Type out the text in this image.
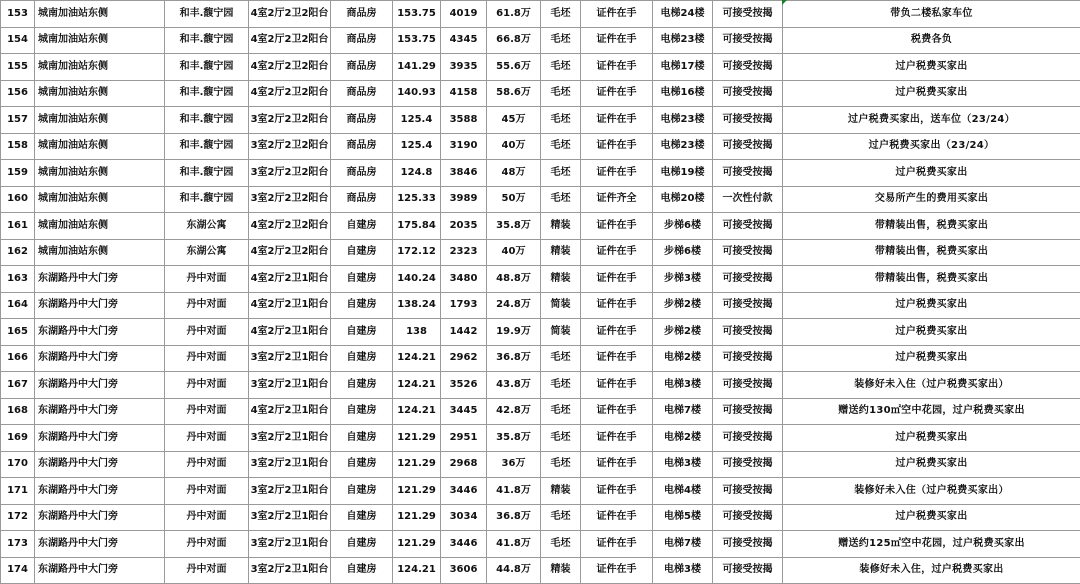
153	城南加油站东侧	和丰.馥宁园	4室2厅2卫2阳台	商品房	153.75	4019	61.8万	毛坯	证件在手	电梯24楼	可接受按揭	带负二楼私家车位
154	城南加油站东侧	和丰.馥宁园	4室2厅2卫2阳台	商品房	153.75	4345	66.8万	毛坯	证件在手	电梯23楼	可接受按揭	税费各负
155	城南加油站东侧	和丰.馥宁园	4室2厅2卫2阳台	商品房	141.29	3935	55.6万	毛坯	证件在手	电梯17楼	可接受按揭	过户税费买家出
156	城南加油站东侧	和丰.馥宁园	4室2厅2卫2阳台	商品房	140.93	4158	58.6万	毛坯	证件在手	电梯16楼	可接受按揭	过户税费买家出
157	城南加油站东侧	和丰.馥宁园	3室2厅2卫2阳台	商品房	125.4	3588	45万	毛坯	证件在手	电梯23楼	可接受按揭	过户税费买家出，送车位（23/24）
158	城南加油站东侧	和丰.馥宁园	3室2厅2卫2阳台	商品房	125.4	3190	40万	毛坯	证件在手	电梯23楼	可接受按揭	过户税费买家出（23/24）
159	城南加油站东侧	和丰.馥宁园	3室2厅2卫2阳台	商品房	124.8	3846	48万	毛坯	证件在手	电梯19楼	可接受按揭	过户税费买家出
160	城南加油站东侧	和丰.馥宁园	3室2厅2卫2阳台	商品房	125.33	3989	50万	毛坯	证件齐全	电梯20楼	一次性付款	交易所产生的费用买家出
161	城南加油站东侧	东湖公寓	4室2厅2卫2阳台	自建房	175.84	2035	35.8万	精装	证件在手	步梯6楼	可接受按揭	带精装出售，税费买家出
162	城南加油站东侧	东湖公寓	4室2厅2卫2阳台	自建房	172.12	2323	40万	精装	证件在手	步梯6楼	可接受按揭	带精装出售，税费买家出
163	东湖路丹中大门旁	丹中对面	4室2厅2卫1阳台	自建房	140.24	3480	48.8万	精装	证件在手	步梯3楼	可接受按揭	带精装出售，税费买家出
164	东湖路丹中大门旁	丹中对面	4室2厅2卫1阳台	自建房	138.24	1793	24.8万	简装	证件在手	步梯2楼	可接受按揭	过户税费买家出
165	东湖路丹中大门旁	丹中对面	4室2厅2卫1阳台	自建房	138	1442	19.9万	简装	证件在手	步梯2楼	可接受按揭	过户税费买家出
166	东湖路丹中大门旁	丹中对面	3室2厅2卫1阳台	自建房	124.21	2962	36.8万	毛坯	证件在手	电梯2楼	可接受按揭	过户税费买家出
167	东湖路丹中大门旁	丹中对面	3室2厅2卫1阳台	自建房	124.21	3526	43.8万	毛坯	证件在手	电梯3楼	可接受按揭	装修好未入住（过户税费买家出）
168	东湖路丹中大门旁	丹中对面	4室2厅2卫1阳台	自建房	124.21	3445	42.8万	毛坯	证件在手	电梯7楼	可接受按揭	赠送约130㎡空中花园，过户税费买家出
169	东湖路丹中大门旁	丹中对面	3室2厅2卫1阳台	自建房	121.29	2951	35.8万	毛坯	证件在手	电梯2楼	可接受按揭	过户税费买家出
170	东湖路丹中大门旁	丹中对面	3室2厅2卫1阳台	自建房	121.29	2968	36万	毛坯	证件在手	电梯3楼	可接受按揭	过户税费买家出
171	东湖路丹中大门旁	丹中对面	3室2厅2卫1阳台	自建房	121.29	3446	41.8万	精装	证件在手	电梯4楼	可接受按揭	装修好未入住（过户税费买家出）
172	东湖路丹中大门旁	丹中对面	3室2厅2卫1阳台	自建房	121.29	3034	36.8万	毛坯	证件在手	电梯5楼	可接受按揭	过户税费买家出
173	东湖路丹中大门旁	丹中对面	3室2厅2卫1阳台	自建房	121.29	3446	41.8万	毛坯	证件在手	电梯7楼	可接受按揭	赠送约125㎡空中花园，过户税费买家出
174	东湖路丹中大门旁	丹中对面	3室2厅2卫1阳台	自建房	124.21	3606	44.8万	精装	证件在手	电梯3楼	可接受按揭	装修好未入住，过户税费买家出
